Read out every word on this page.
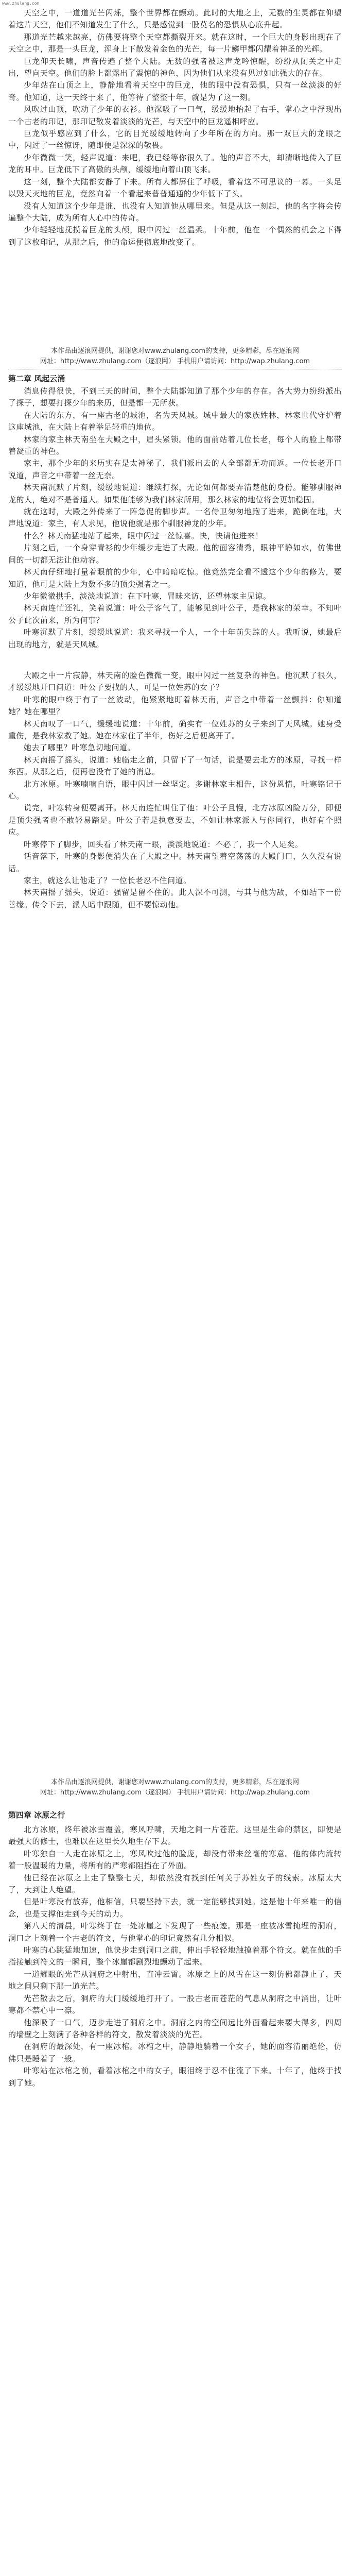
www.zhulang.com

天空之中，一道道光芒闪烁，整个世界都在颤动。此时的大地之上，无数的生灵都在仰望着这片天空，他们不知道发生了什么，只是感觉到一股莫名的恐惧从心底升起。

那道光芒越来越亮，仿佛要将整个天空都撕裂开来。就在这时，一个巨大的身影出现在了天空之中，那是一头巨龙，浑身上下散发着金色的光芒，每一片鳞甲都闪耀着神圣的光辉。

巨龙仰天长啸，声音传遍了整个大陆。无数的强者被这声龙吟惊醒，纷纷从闭关之中走出，望向天空。他们的脸上都露出了震惊的神色，因为他们从来没有见过如此强大的存在。

少年站在山顶之上，静静地看着天空中的巨龙，他的眼中没有恐惧，只有一丝淡淡的好奇。他知道，这一天终于来了，他等待了整整十年，就是为了这一刻。

风吹过山顶，吹动了少年的衣衫。他深吸了一口气，缓缓地抬起了右手，掌心之中浮现出一个古老的印记，那印记散发着淡淡的光芒，与天空中的巨龙遥相呼应。

巨龙似乎感应到了什么，它的目光缓缓地转向了少年所在的方向。那一双巨大的龙眼之中，闪过了一丝惊讶，随即便是深深的敬畏。

少年微微一笑，轻声说道：来吧，我已经等你很久了。他的声音不大，却清晰地传入了巨龙的耳中。巨龙低下了高傲的头颅，缓缓地向着山顶飞来。

这一刻，整个大陆都安静了下来。所有人都屏住了呼吸，看着这不可思议的一幕。一头足以毁天灭地的巨龙，竟然向着一个看起来普普通通的少年低下了头。

没有人知道这个少年是谁，也没有人知道他从哪里来。但是从这一刻起，他的名字将会传遍整个大陆，成为所有人心中的传奇。

少年轻轻地抚摸着巨龙的头颅，眼中闪过一丝温柔。十年前，他在一个偶然的机会之下得到了这枚印记，从那之后，他的命运便彻底地改变了。

本作品由逐浪网提供，谢谢您对www.zhulang.com的支持，更多精彩，尽在逐浪网
网址：http://www.zhulang.com（逐浪网） 手机用户请访问：http://wap.zhulang.com
第二章 风起云涌

消息传得很快，不到三天的时间，整个大陆都知道了那个少年的存在。各大势力纷纷派出了探子，想要打探少年的来历，但是都一无所获。

在大陆的东方，有一座古老的城池，名为天风城。城中最大的家族姓林，林家世代守护着这座城池，在大陆上有着举足轻重的地位。

林家的家主林天南坐在大殿之中，眉头紧锁。他的面前站着几位长老，每个人的脸上都带着凝重的神色。

家主，那个少年的来历实在是太神秘了，我们派出去的人全部都无功而返。一位长老开口说道，声音之中带着一丝无奈。

林天南沉默了片刻，缓缓地说道：继续打探，无论如何都要弄清楚他的身份。能够驯服神龙的人，绝对不是普通人。如果他能够为我们林家所用，那么林家的地位将会更加稳固。

就在这时，大殿之外传来了一阵急促的脚步声。一名侍卫匆匆地跑了进来，跪倒在地，大声地说道：家主，有人求见，他说他就是那个驯服神龙的少年。

什么？林天南猛地站了起来，眼中闪过一丝惊喜。快，快请他进来！

片刻之后，一个身穿青衫的少年缓步走进了大殿。他的面容清秀，眼神平静如水，仿佛世间的一切都无法让他动容。

林天南仔细地打量着眼前的少年，心中暗暗吃惊。他竟然完全看不透这个少年的修为，要知道，他可是大陆上为数不多的顶尖强者之一。

少年微微拱手，淡淡地说道：在下叶寒，冒昧来访，还望林家主见谅。

林天南连忙还礼，笑着说道：叶公子客气了，能够见到叶公子，是我林家的荣幸。不知叶公子此次前来，所为何事？

叶寒沉默了片刻，缓缓地说道：我来寻找一个人，一个十年前失踪的人。我听说，她最后出现的地方，就是天风城。

大殿之中一片寂静，林天南的脸色微微一变，眼中闪过一丝复杂的神色。他沉默了很久，才缓缓地开口问道：叶公子要找的人，可是一位姓苏的女子？

叶寒的眼中终于有了一丝波动，他紧紧地盯着林天南，声音之中带着一丝颤抖：你知道她？她在哪里？

林天南叹了一口气，缓缓地说道：十年前，确实有一位姓苏的女子来到了天风城。她身受重伤，是我林家救了她。她在林家住了半年，伤好之后便离开了。

她去了哪里？叶寒急切地问道。

林天南摇了摇头，说道：她临走之前，只留下了一句话，说是要去北方的冰原，寻找一样东西。从那之后，便再也没有了她的消息。

北方冰原。叶寒喃喃自语，眼中闪过一丝坚定。多谢林家主相告，这份恩情，叶寒铭记于心。

说完，叶寒转身便要离开。林天南连忙叫住了他：叶公子且慢，北方冰原凶险万分，即便是顶尖强者也不敢轻易踏足。叶公子若是执意要去，不如让林家派人与你同行，也好有个照应。

叶寒停下了脚步，回头看了林天南一眼，淡淡地说道：不必了，我一个人足矣。

话音落下，叶寒的身影便消失在了大殿之中。林天南望着空荡荡的大殿门口，久久没有说话。

家主，就这么让他走了？一位长老忍不住问道。

林天南摇了摇头，说道：强留是留不住的。此人深不可测，与其与他为敌，不如结下一份善缘。传令下去，派人暗中跟随，但不要惊动他。

本作品由逐浪网提供，谢谢您对www.zhulang.com的支持，更多精彩，尽在逐浪网
网址：http://www.zhulang.com（逐浪网） 手机用户请访问：http://wap.zhulang.com
第四章 冰原之行

北方冰原，终年被冰雪覆盖，寒风呼啸，天地之间一片苍茫。这里是生命的禁区，即便是最强大的修士，也难以在这里长久地生存下去。

叶寒独自一人走在冰原之上，寒风吹过他的脸庞，却没有带来丝毫的寒意。他的体内流转着一股温暖的力量，将所有的严寒都阻挡在了外面。

他已经在冰原之上走了整整七天，却依然没有找到任何关于苏姓女子的线索。冰原太大了，大到让人绝望。

但是叶寒没有放弃，他相信，只要坚持下去，就一定能够找到她。这是他十年来唯一的信念，也是支撑他走到今天的动力。

第八天的清晨，叶寒终于在一处冰崖之下发现了一些痕迹。那是一座被冰雪掩埋的洞府，洞口之上刻着一个古老的符文，与他掌心的印记竟然有几分相似。

叶寒的心跳猛地加速，他快步走到洞口之前，伸出手轻轻地触摸着那个符文。就在他的手指接触到符文的一瞬间，整个冰崖都剧烈地颤动了起来。

一道耀眼的光芒从洞府之中射出，直冲云霄。冰原之上的风雪在这一刻仿佛都静止了，天地之间只剩下那一道光芒。

光芒散去之后，洞府的大门缓缓地打开了。一股古老而苍茫的气息从洞府之中涌出，让叶寒都不禁心中一凛。

他深吸了一口气，迈步走进了洞府之中。洞府之内的空间远比外面看起来要大得多，四周的墙壁之上刻满了各种各样的符文，散发着淡淡的光芒。

在洞府的最深处，有一座冰棺。冰棺之中，静静地躺着一个女子，她的面容清丽绝伦，仿佛只是睡着了一般。

叶寒站在冰棺之前，看着冰棺之中的女子，眼泪终于忍不住流了下来。十年了，他终于找到了她。
